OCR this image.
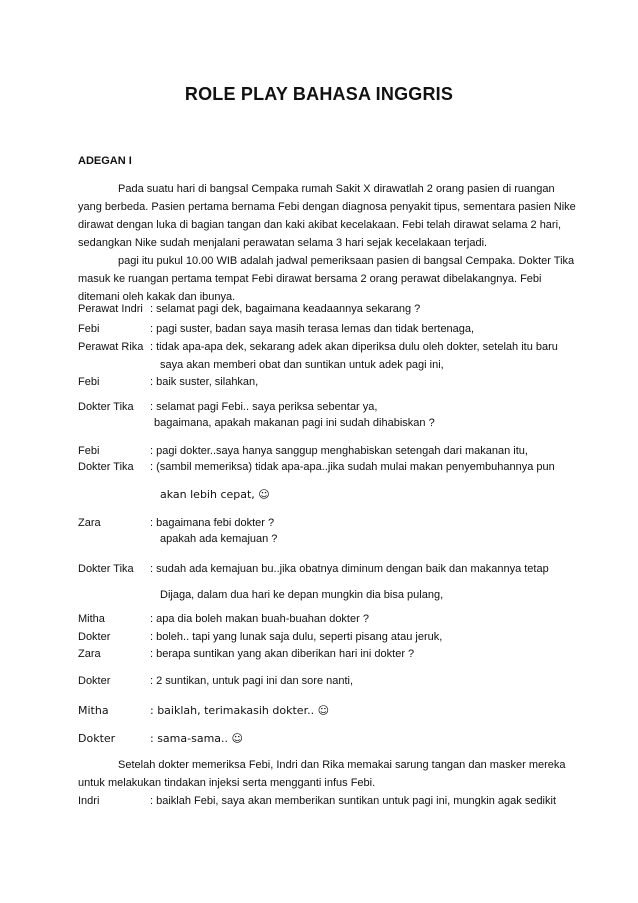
ROLE PLAY BAHASA INGGRIS
ADEGAN I

Pada suatu hari di bangsal Cempaka rumah Sakit X dirawatlah 2 orang pasien di ruangan
yang berbeda. Pasien pertama bernama Febi dengan diagnosa penyakit tipus, sementara pasien Nike
dirawat dengan luka di bagian tangan dan kaki akibat kecelakaan. Febi telah dirawat selama 2 hari,
sedangkan Nike sudah menjalani perawatan selama 3 hari sejak kecelakaan terjadi.

pagi itu pukul 10.00 WIB adalah jadwal pemeriksaan pasien di bangsal Cempaka. Dokter Tika
masuk ke ruangan pertama tempat Febi dirawat bersama 2 orang perawat dibelakangnya. Febi
ditemani oleh kakak dan ibunya.

Perawat Indri : selamat pagi dek, bagaimana keadaannya sekarang ?
Febi	: pagi suster, badan saya masih terasa lemas dan tidak bertenaga,
Perawat Rika : tidak apa-apa dek, sekarang adek akan diperiksa dulu oleh dokter, setelah itu baru
saya akan memberi obat dan suntikan untuk adek pagi ini,
Febi	: baik suster, silahkan,
Dokter Tika : selamat pagi Febi.. saya periksa sebentar ya,
bagaimana, apakah makanan pagi ini sudah dihabiskan ?
Febi	: pagi dokter..saya hanya sanggup menghabiskan setengah dari makanan itu,
Dokter Tika : (sambil memeriksa) tidak apa-apa..jika sudah mulai makan penyembuhannya pun
akan lebih cepat, ☺
Zara	: bagaimana febi dokter ?
apakah ada kemajuan ?
Dokter Tika : sudah ada kemajuan bu..jika obatnya diminum dengan baik dan makannya tetap
Dijaga, dalam dua hari ke depan mungkin dia bisa pulang,
Mitha	: apa dia boleh makan buah-buahan dokter ?
Dokter	: boleh.. tapi yang lunak saja dulu, seperti pisang atau jeruk,
Zara	: berapa suntikan yang akan diberikan hari ini dokter ?
Dokter	: 2 suntikan, untuk pagi ini dan sore nanti,
Mitha	: baiklah, terimakasih dokter.. ☺
Dokter	: sama-sama.. ☺

Setelah dokter memeriksa Febi, Indri dan Rika memakai sarung tangan dan masker mereka
untuk melakukan tindakan injeksi serta mengganti infus Febi.

Indri	: baiklah Febi, saya akan memberikan suntikan untuk pagi ini, mungkin agak sedikit
